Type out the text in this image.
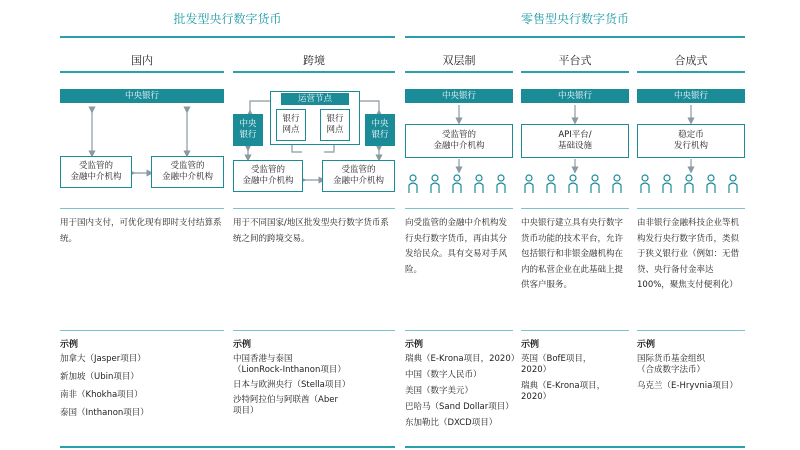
批发型央行数字货币	零售型央行数字货币
国内	跨境	双层制	平台式	合成式
中央银行
受监管的
金融中介机构
受监管的
金融中介机构
中央
银行
中央
银行
运营节点
银行
网点
银行
网点
受监管的
金融中介机构
受监管的
金融中介机构
中央银行
受监管的
金融中介机构
中央银行
API平台/
基础设施
中央银行
稳定币
发行机构
用于国内支付，可优化现有即时支付结算系统。
用于不同国家/地区批发型央行数字货币系统之间的跨境交易。
向受监管的金融中介机构发行央行数字货币，再由其分发给民众。具有交易对手风险。
中央银行建立具有央行数字货币功能的技术平台，允许包括银行和非银金融机构在内的私营企业在此基础上提供客户服务。
由非银行金融科技企业等机构发行央行数字货币，类似于狭义银行业（例如：无借贷、央行备付金率达100%，聚焦支付便利化）
示例	示例	示例	示例	示例
加拿大（Jasper项目）
新加坡（Ubin项目）
南非（Khokha项目）
泰国（Inthanon项目）
中国香港与泰国
（LionRock-Inthanon项目）
日本与欧洲央行（Stella项目）
沙特阿拉伯与阿联酋（Aber
项目）
瑞典（E-Krona项目，2020）
中国（数字人民币）
美国（数字美元）
巴哈马（Sand Dollar项目）
东加勒比（DXCD项目）
英国（BofE项目，
2020）
瑞典（E-Krona项目，
2020）
国际货币基金组织
（合成数字法币）
乌克兰（E-Hryvnia项目）
